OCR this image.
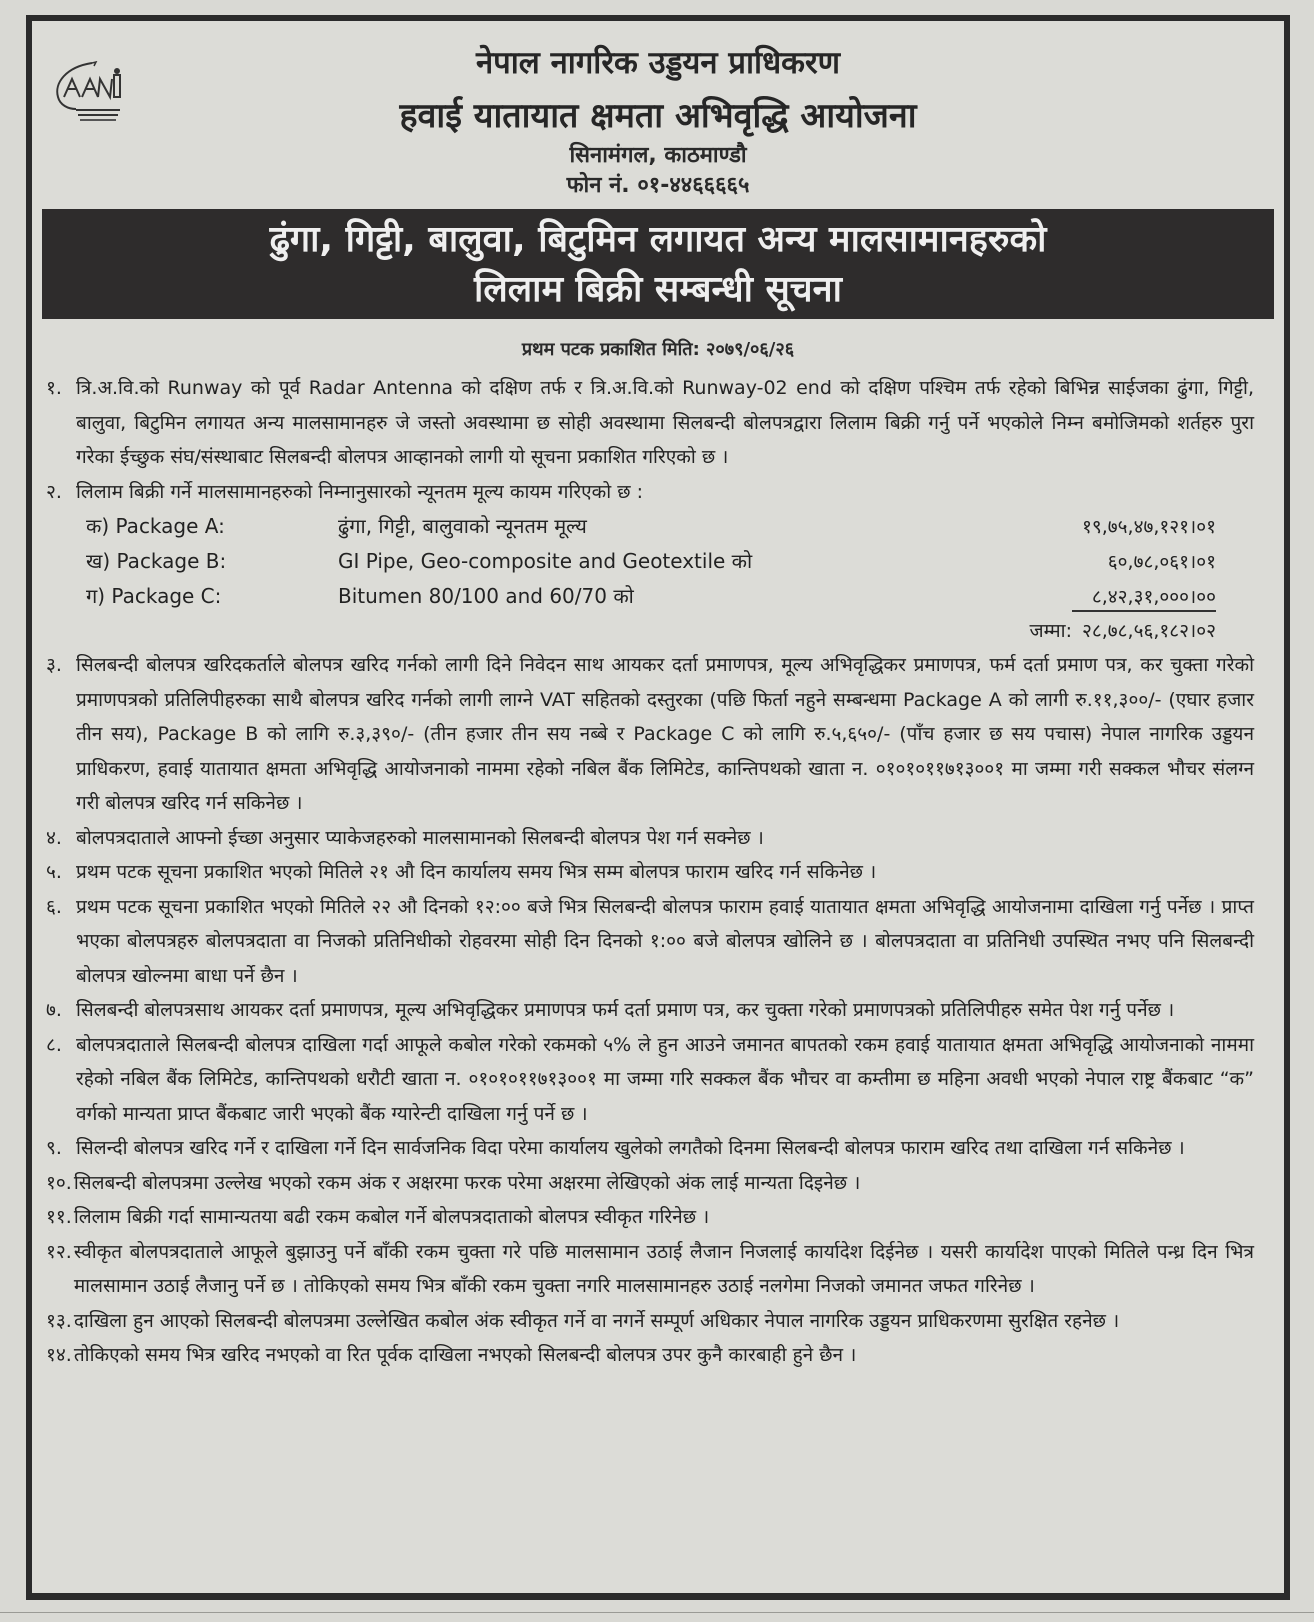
नेपाल नागरिक उड्डयन प्राधिकरण
हवाई यातायात क्षमता अभिवृद्धि आयोजना
सिनामंगल, काठमाण्डौ
फोन नं. ०१-४४६६६६५
ढुंगा, गिट्टी, बालुवा, बिटुमिन लगायत अन्य मालसामानहरुको
लिलाम बिक्री सम्बन्धी सूचना
प्रथम पटक प्रकाशित मिति: २०७९/०६/२६
१. त्रि.अ.वि.को Runway को पूर्व Radar Antenna को दक्षिण तर्फ र त्रि.अ.वि.को Runway-02 end को दक्षिण पश्चिम तर्फ रहेको बिभिन्न साईजका ढुंगा, गिट्टी, बालुवा, बिटुमिन लगायत अन्य मालसामानहरु जे जस्तो अवस्थामा छ सोही अवस्थामा सिलबन्दी बोलपत्रद्वारा लिलाम बिक्री गर्नु पर्ने भएकोले निम्न बमोजिमको शर्तहरु पुरा गरेका ईच्छुक संघ/संस्थाबाट सिलबन्दी बोलपत्र आव्हानको लागी यो सूचना प्रकाशित गरिएको छ ।
२. लिलाम बिक्री गर्ने मालसामानहरुको निम्नानुसारको न्यूनतम मूल्य कायम गरिएको छ :
क) Package A:	ढुंगा, गिट्टी, बालुवाको न्यूनतम मूल्य	१९,७५,४७,१२१।०१
ख) Package B:	GI Pipe, Geo-composite and Geotextile को	६०,७८,०६१।०१
ग) Package C:	Bitumen 80/100 and 60/70 को	८,४२,३१,०००।००
जम्मा: २८,७८,५६,१८२।०२
३. सिलबन्दी बोलपत्र खरिदकर्ताले बोलपत्र खरिद गर्नको लागी दिने निवेदन साथ आयकर दर्ता प्रमाणपत्र, मूल्य अभिवृद्धिकर प्रमाणपत्र, फर्म दर्ता प्रमाण पत्र, कर चुक्ता गरेको प्रमाणपत्रको प्रतिलिपीहरुका साथै बोलपत्र खरिद गर्नको लागी लाग्ने VAT सहितको दस्तुरका (पछि फिर्ता नहुने सम्बन्धमा Package A को लागी रु.११,३००/- (एघार हजार तीन सय), Package B को लागि रु.३,३९०/- (तीन हजार तीन सय नब्बे र Package C को लागि रु.५,६५०/- (पाँच हजार छ सय पचास) नेपाल नागरिक उड्डयन प्राधिकरण, हवाई यातायात क्षमता अभिवृद्धि आयोजनाको नाममा रहेको नबिल बैंक लिमिटेड, कान्तिपथको खाता न. ०१०१०११७१३००१ मा जम्मा गरी सक्कल भौचर संलग्न गरी बोलपत्र खरिद गर्न सकिनेछ ।
४. बोलपत्रदाताले आफ्नो ईच्छा अनुसार प्याकेजहरुको मालसामानको सिलबन्दी बोलपत्र पेश गर्न सक्नेछ ।
५. प्रथम पटक सूचना प्रकाशित भएको मितिले २१ औ दिन कार्यालय समय भित्र सम्म बोलपत्र फाराम खरिद गर्न सकिनेछ ।
६. प्रथम पटक सूचना प्रकाशित भएको मितिले २२ औ दिनको १२:०० बजे भित्र सिलबन्दी बोलपत्र फाराम हवाई यातायात क्षमता अभिवृद्धि आयोजनामा दाखिला गर्नु पर्नेछ । प्राप्त भएका बोलपत्रहरु बोलपत्रदाता वा निजको प्रतिनिधीको रोहवरमा सोही दिन दिनको १:०० बजे बोलपत्र खोलिने छ । बोलपत्रदाता वा प्रतिनिधी उपस्थित नभए पनि सिलबन्दी बोलपत्र खोल्नमा बाधा पर्ने छैन ।
७. सिलबन्दी बोलपत्रसाथ आयकर दर्ता प्रमाणपत्र, मूल्य अभिवृद्धिकर प्रमाणपत्र फर्म दर्ता प्रमाण पत्र, कर चुक्ता गरेको प्रमाणपत्रको प्रतिलिपीहरु समेत पेश गर्नु पर्नेछ ।
८. बोलपत्रदाताले सिलबन्दी बोलपत्र दाखिला गर्दा आफूले कबोल गरेको रकमको ५% ले हुन आउने जमानत बापतको रकम हवाई यातायात क्षमता अभिवृद्धि आयोजनाको नाममा रहेको नबिल बैंक लिमिटेड, कान्तिपथको धरौटी खाता न. ०१०१०११७१३००१ मा जम्मा गरि सक्कल बैंक भौचर वा कम्तीमा छ महिना अवधी भएको नेपाल राष्ट्र बैंकबाट “क” वर्गको मान्यता प्राप्त बैंकबाट जारी भएको बैंक ग्यारेन्टी दाखिला गर्नु पर्ने छ ।
९. सिलन्दी बोलपत्र खरिद गर्ने र दाखिला गर्ने दिन सार्वजनिक विदा परेमा कार्यालय खुलेको लगतैको दिनमा सिलबन्दी बोलपत्र फाराम खरिद तथा दाखिला गर्न सकिनेछ ।
१०. सिलबन्दी बोलपत्रमा उल्लेख भएको रकम अंक र अक्षरमा फरक परेमा अक्षरमा लेखिएको अंक लाई मान्यता दिइनेछ ।
११. लिलाम बिक्री गर्दा सामान्यतया बढी रकम कबोल गर्ने बोलपत्रदाताको बोलपत्र स्वीकृत गरिनेछ ।
१२. स्वीकृत बोलपत्रदाताले आफूले बुझाउनु पर्ने बाँकी रकम चुक्ता गरे पछि मालसामान उठाई लैजान निजलाई कार्यादेश दिईनेछ । यसरी कार्यादेश पाएको मितिले पन्ध्र दिन भित्र मालसामान उठाई लैजानु पर्ने छ । तोकिएको समय भित्र बाँकी रकम चुक्ता नगरि मालसामानहरु उठाई नलगेमा निजको जमानत जफत गरिनेछ ।
१३. दाखिला हुन आएको सिलबन्दी बोलपत्रमा उल्लेखित कबोल अंक स्वीकृत गर्ने वा नगर्ने सम्पूर्ण अधिकार नेपाल नागरिक उड्डयन प्राधिकरणमा सुरक्षित रहनेछ ।
१४. तोकिएको समय भित्र खरिद नभएको वा रित पूर्वक दाखिला नभएको सिलबन्दी बोलपत्र उपर कुनै कारबाही हुने छैन ।
